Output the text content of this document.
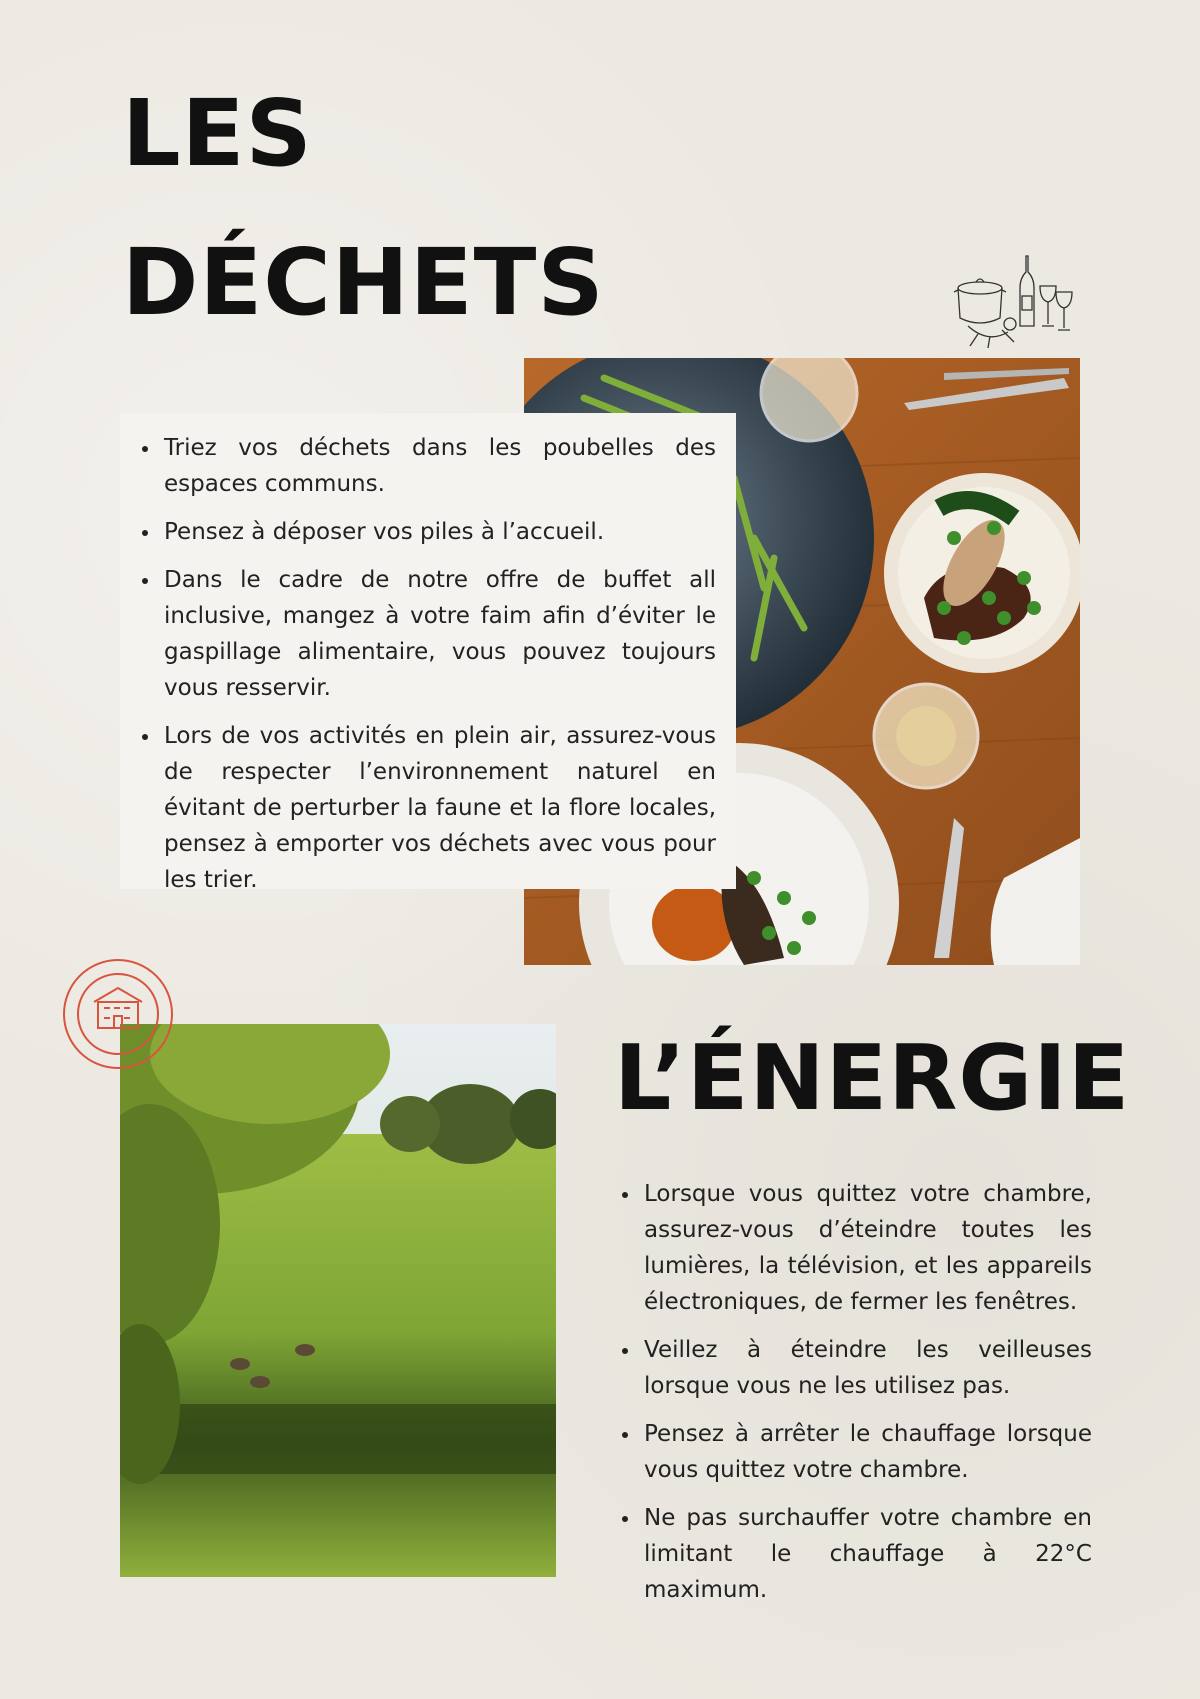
LES
DÉCHETS
Triez vos déchets dans les poubelles des espaces communs.
Pensez à déposer vos piles à l’accueil.
Dans le cadre de notre offre de buffet all inclusive, mangez à votre faim afin d’éviter le gaspillage alimentaire, vous pouvez toujours vous resservir.
Lors de vos activités en plein air, assurez-vous de respecter l’environnement naturel en évitant de perturber la faune et la flore locales, pensez à emporter vos déchets avec vous pour les trier.
L’ÉNERGIE
Lorsque vous quittez votre chambre, assurez-vous d’éteindre toutes les lumières, la télévision, et les appareils électroniques, de fermer les fenêtres.
Veillez à éteindre les veilleuses lorsque vous ne les utilisez pas.
Pensez à arrêter le chauffage lorsque vous quittez votre chambre.
Ne pas surchauffer votre chambre en limitant le chauffage à 22°C maximum.
